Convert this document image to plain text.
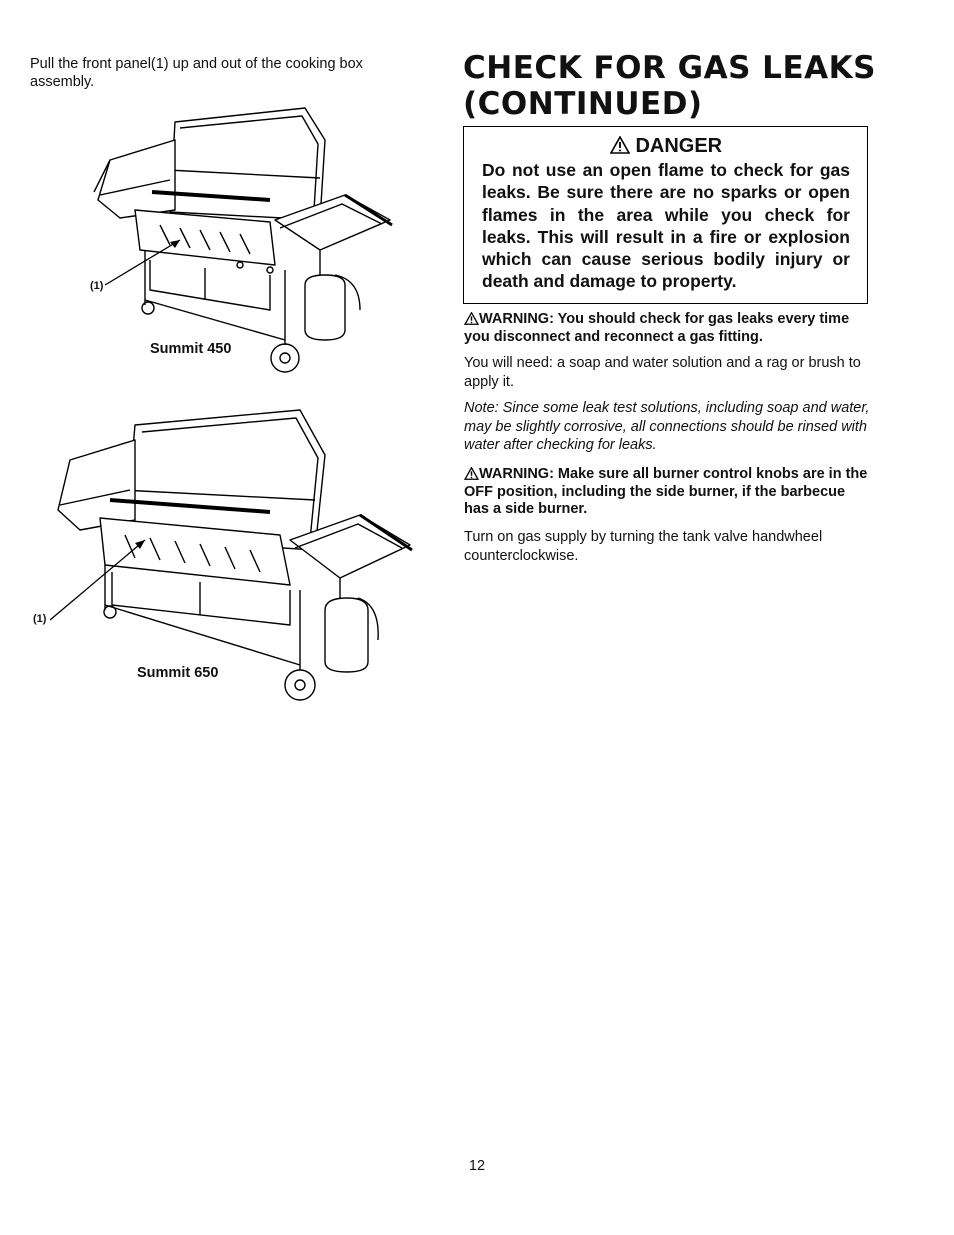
Pull the front panel(1) up and out of the cooking box assembly.
(1)
Summit 450
(1)
Summit 650
CHECK FOR GAS LEAKS
(CONTINUED)
DANGER
Do not use an open flame to check for gas leaks. Be sure there are no sparks or open flames in the area while you check for leaks. This will result in a fire or explosion which can cause serious bodily injury or death and damage to property.
WARNING: You should check for gas leaks every time you disconnect and reconnect a gas fitting.
You will need: a soap and water solution and a rag or brush to apply it.
Note: Since some leak test solutions, including soap and water, may be slightly corrosive, all connections should be rinsed with water after checking for leaks.
WARNING: Make sure all burner control knobs are in the OFF position, including the side burner, if the barbecue has a side burner.
Turn on gas supply by turning the tank valve handwheel counterclockwise.
12
